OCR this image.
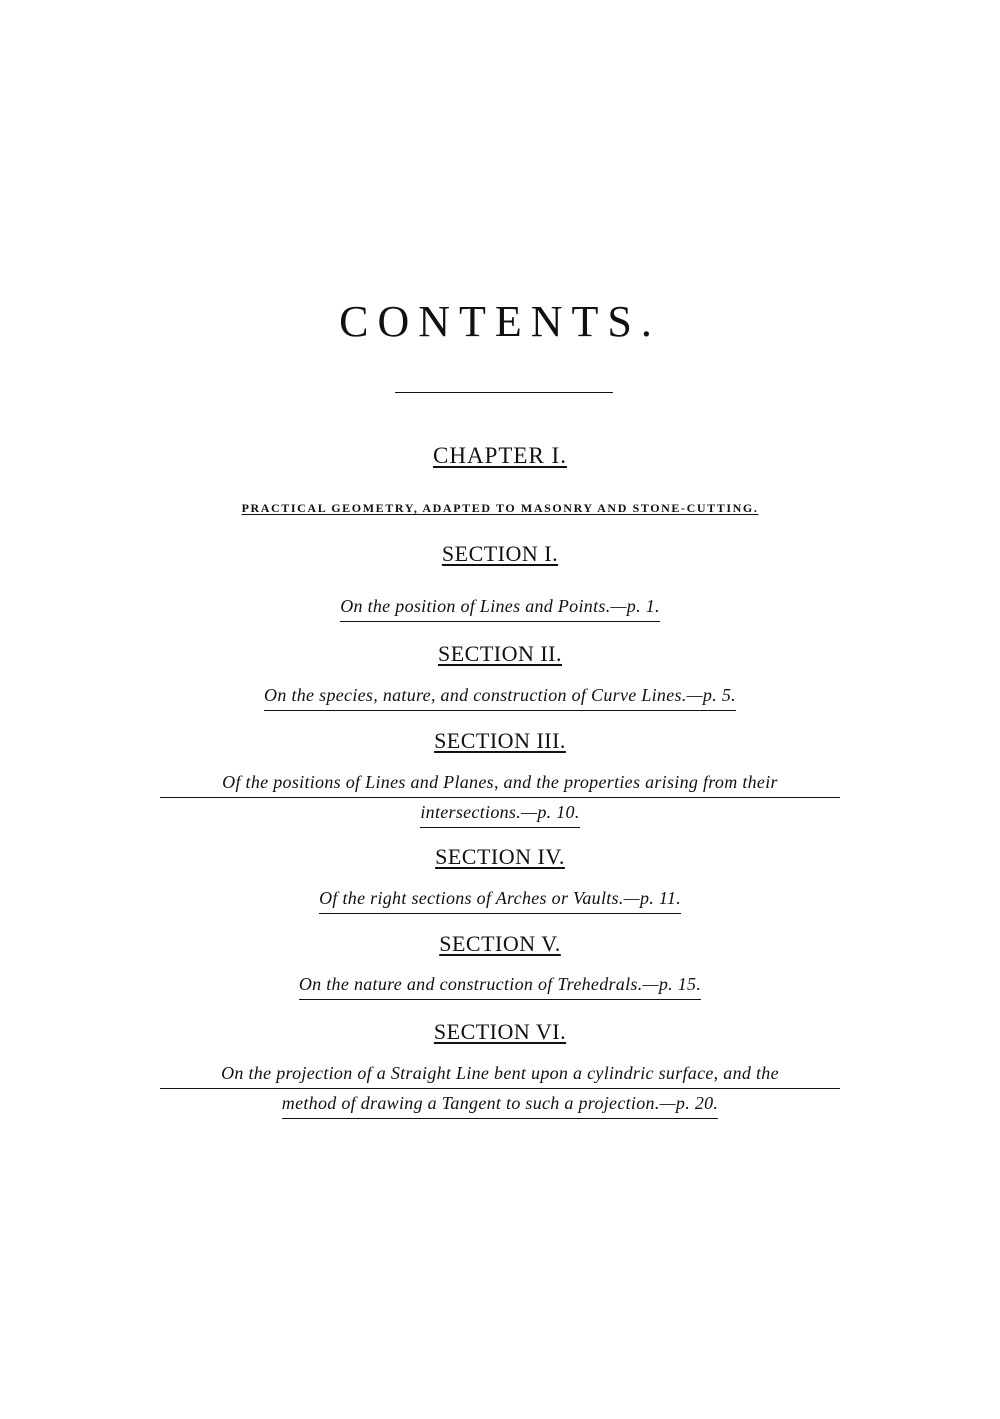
CONTENTS.
CHAPTER I.
PRACTICAL GEOMETRY, ADAPTED TO MASONRY AND STONE-CUTTING.
SECTION I.
On the position of Lines and Points.—p. 1.
SECTION II.
On the species, nature, and construction of Curve Lines.—p. 5.
SECTION III.
Of the positions of Lines and Planes, and the properties arising from their
intersections.—p. 10.
SECTION IV.
Of the right sections of Arches or Vaults.—p. 11.
SECTION V.
On the nature and construction of Trehedrals.—p. 15.
SECTION VI.
On the projection of a Straight Line bent upon a cylindric surface, and the
method of drawing a Tangent to such a projection.—p. 20.
